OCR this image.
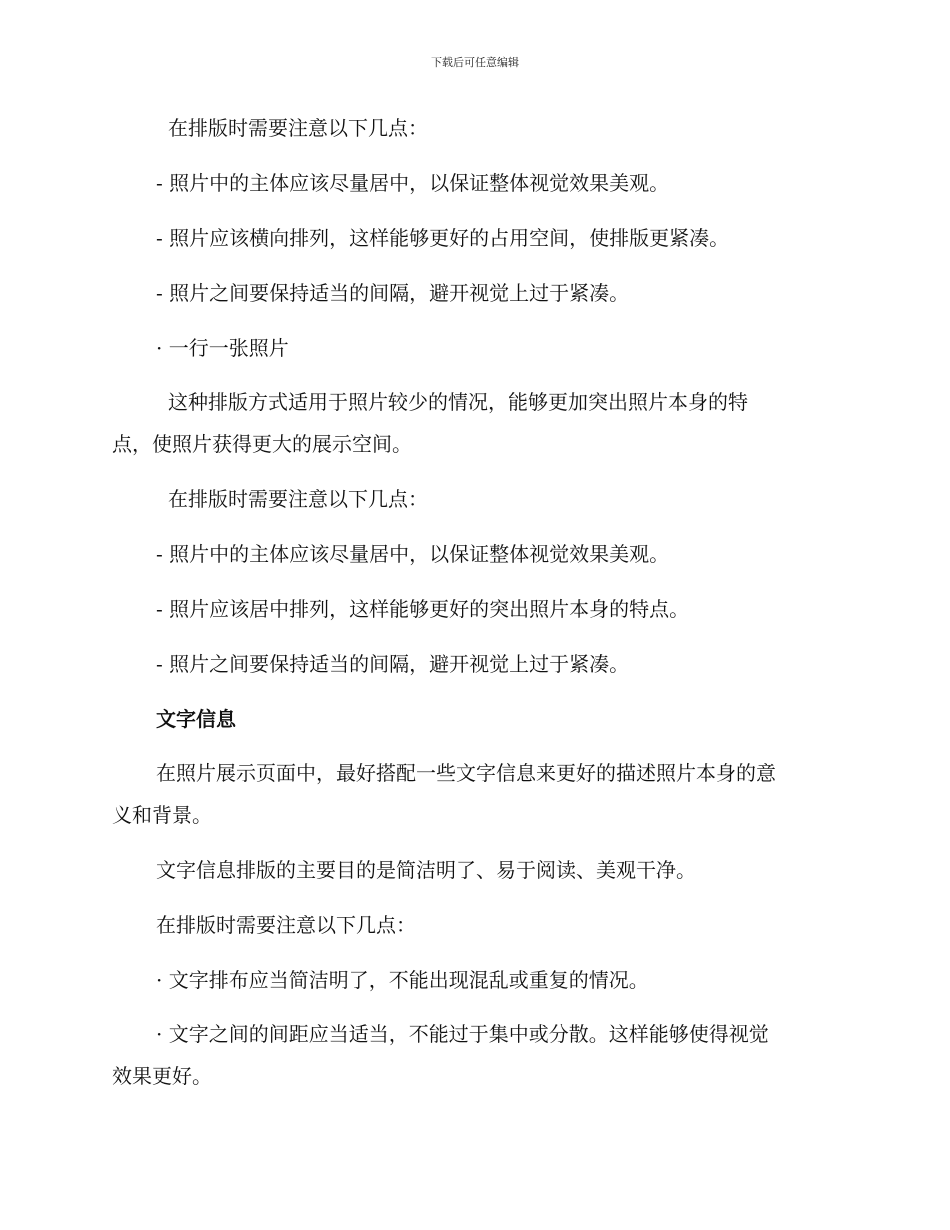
下载后可任意编辑
在排版时需要注意以下几点：
- 照片中的主体应该尽量居中，以保证整体视觉效果美观。
- 照片应该横向排列，这样能够更好的占用空间，使排版更紧凑。
- 照片之间要保持适当的间隔，避开视觉上过于紧凑。
· 一行一张照片
这种排版方式适用于照片较少的情况，能够更加突出照片本身的特
点，使照片获得更大的展示空间。
在排版时需要注意以下几点：
- 照片中的主体应该尽量居中，以保证整体视觉效果美观。
- 照片应该居中排列，这样能够更好的突出照片本身的特点。
- 照片之间要保持适当的间隔，避开视觉上过于紧凑。
文字信息
在照片展示页面中，最好搭配一些文字信息来更好的描述照片本身的意
义和背景。
文字信息排版的主要目的是简洁明了、易于阅读、美观干净。
在排版时需要注意以下几点：
· 文字排布应当简洁明了，不能出现混乱或重复的情况。
· 文字之间的间距应当适当，不能过于集中或分散。这样能够使得视觉
效果更好。
